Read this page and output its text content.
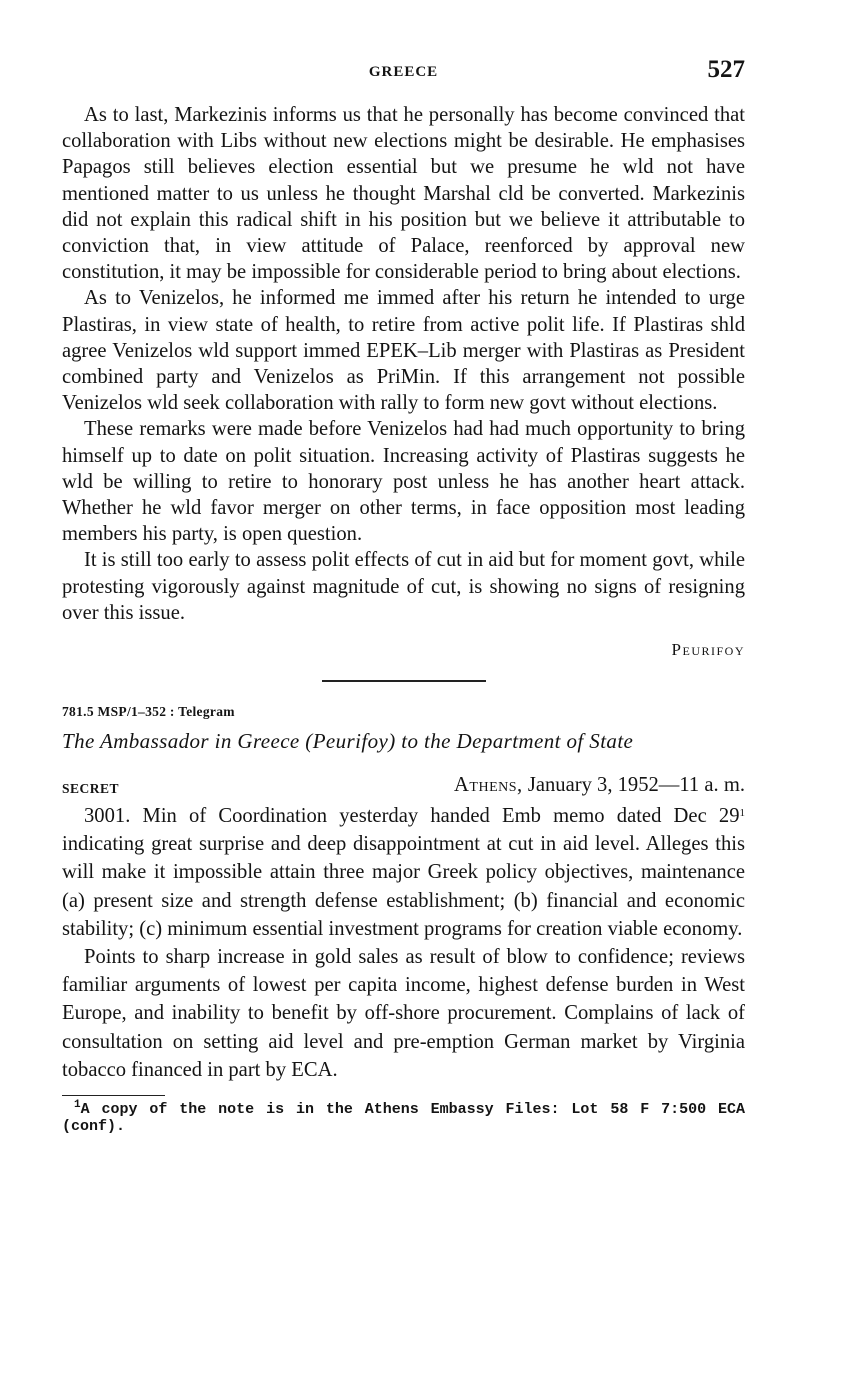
GREECE	527

As to last, Markezinis informs us that he personally has become convinced that collaboration with Libs without new elections might be desirable. He emphasises Papagos still believes election essential but we presume he wld not have mentioned matter to us unless he thought Marshal cld be converted. Markezinis did not explain this radical shift in his position but we believe it attributable to conviction that, in view attitude of Palace, reenforced by approval new constitution, it may be impossible for considerable period to bring about elections.

As to Venizelos, he informed me immed after his return he intended to urge Plastiras, in view state of health, to retire from active polit life. If Plastiras shld agree Venizelos wld support immed EPEK–Lib merger with Plastiras as President combined party and Venizelos as PriMin. If this arrangement not possible Venizelos wld seek collaboration with rally to form new govt without elections.

These remarks were made before Venizelos had had much opportunity to bring himself up to date on polit situation. Increasing activity of Plastiras suggests he wld be willing to retire to honorary post unless he has another heart attack. Whether he wld favor merger on other terms, in face opposition most leading members his party, is open question.

It is still too early to assess polit effects of cut in aid but for moment govt, while protesting vigorously against magnitude of cut, is showing no signs of resigning over this issue.

Peurifoy
781.5 MSP/1–352 : Telegram
The Ambassador in Greece (Peurifoy) to the Department of State
SECRET	Athens, January 3, 1952—11 a. m.

3001. Min of Coordination yesterday handed Emb memo dated Dec $29^1$ indicating great surprise and deep disappointment at cut in aid level. Alleges this will make it impossible attain three major Greek policy objectives, maintenance (a) present size and strength defense establishment; (b) financial and economic stability; (c) minimum essential investment programs for creation viable economy.

Points to sharp increase in gold sales as result of blow to confidence; reviews familiar arguments of lowest per capita income, highest defense burden in West Europe, and inability to benefit by off-shore procurement. Complains of lack of consultation on setting aid level and pre-emption German market by Virginia tobacco financed in part by ECA.

$^1$A copy of the note is in the Athens Embassy Files: Lot 58 F 7:500 ECA (conf).
